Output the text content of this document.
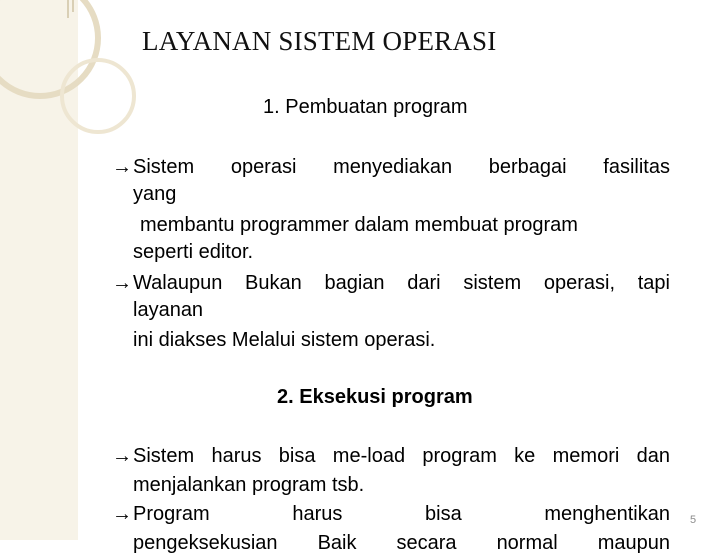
LAYANAN SISTEM OPERASI
1. Pembuatan program
→Sistem operasi menyediakan berbagai fasilitas
yang
membantu programmer dalam membuat program
seperti editor.
→Walaupun Bukan bagian dari sistem operasi, tapi
layanan
ini diakses Melalui sistem operasi.
2. Eksekusi program
→Sistem harus bisa me-load program ke memori dan
menjalankan program tsb.
→Program harus bisa menghentikan
pengeksekusian Baik secara normal maupun
5
